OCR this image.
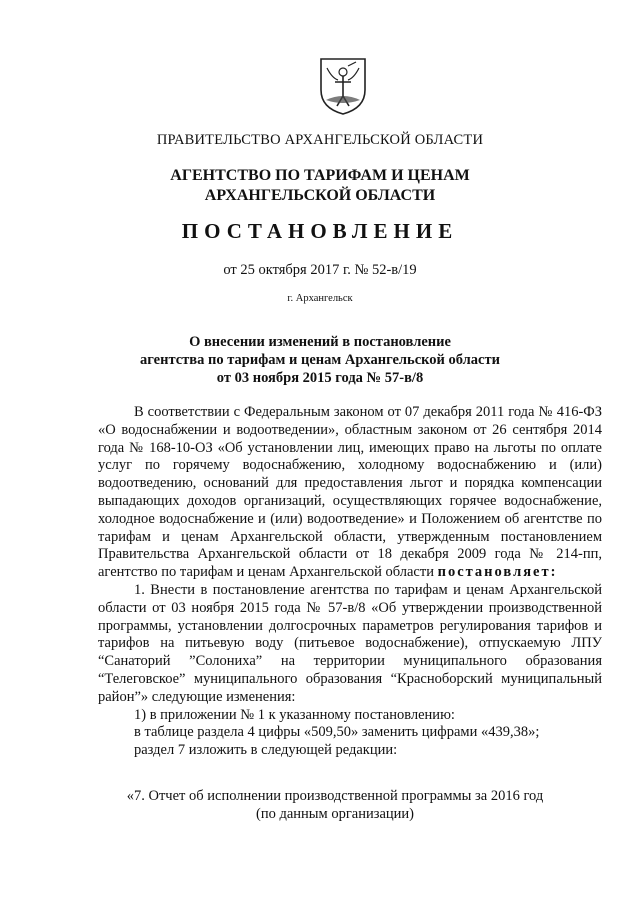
ПРАВИТЕЛЬСТВО АРХАНГЕЛЬСКОЙ ОБЛАСТИ
АГЕНТСТВО ПО ТАРИФАМ И ЦЕНАМ
АРХАНГЕЛЬСКОЙ ОБЛАСТИ
ПОСТАНОВЛЕНИЕ
от 25 октября 2017 г. № 52-в/19
г. Архангельск
О внесении изменений в постановление
агентства по тарифам и ценам Архангельской области
от 03 ноября 2015 года № 57-в/8

В соответствии с Федеральным законом от 07 декабря 2011 года № 416-ФЗ «О водоснабжении и водоотведении», областным законом от 26 сентября 2014 года № 168-10-ОЗ «Об установлении лиц, имеющих право на льготы по оплате услуг по горячему водоснабжению, холодному водоснабжению и (или) водоотведению, оснований для предоставления льгот и порядка компенсации выпадающих доходов организаций, осуществляющих горячее водоснабжение, холодное водоснабжение и (или) водоотведение» и Положением об агентстве по тарифам и ценам Архангельской области, утвержденным постановлением Правительства Архангельской области от 18 декабря 2009 года № 214-пп, агентство по тарифам и ценам Архангельской области постановляет:

1. Внести в постановление агентства по тарифам и ценам Архангельской области от 03 ноября 2015 года № 57-в/8 «Об утверждении производственной программы, установлении долгосрочных параметров регулирования тарифов и тарифов на питьевую воду (питьевое водоснабжение), отпускаемую ЛПУ “Санаторий ”Солониха” на территории муниципального образования “Телеговское” муниципального образования “Красноборский муниципальный район”» следующие изменения:

1) в приложении № 1 к указанному постановлению:

в таблице раздела 4 цифры «509,50» заменить цифрами «439,38»;

раздел 7 изложить в следующей редакции:

«7. Отчет об исполнении производственной программы за 2016 год
(по данным организации)
